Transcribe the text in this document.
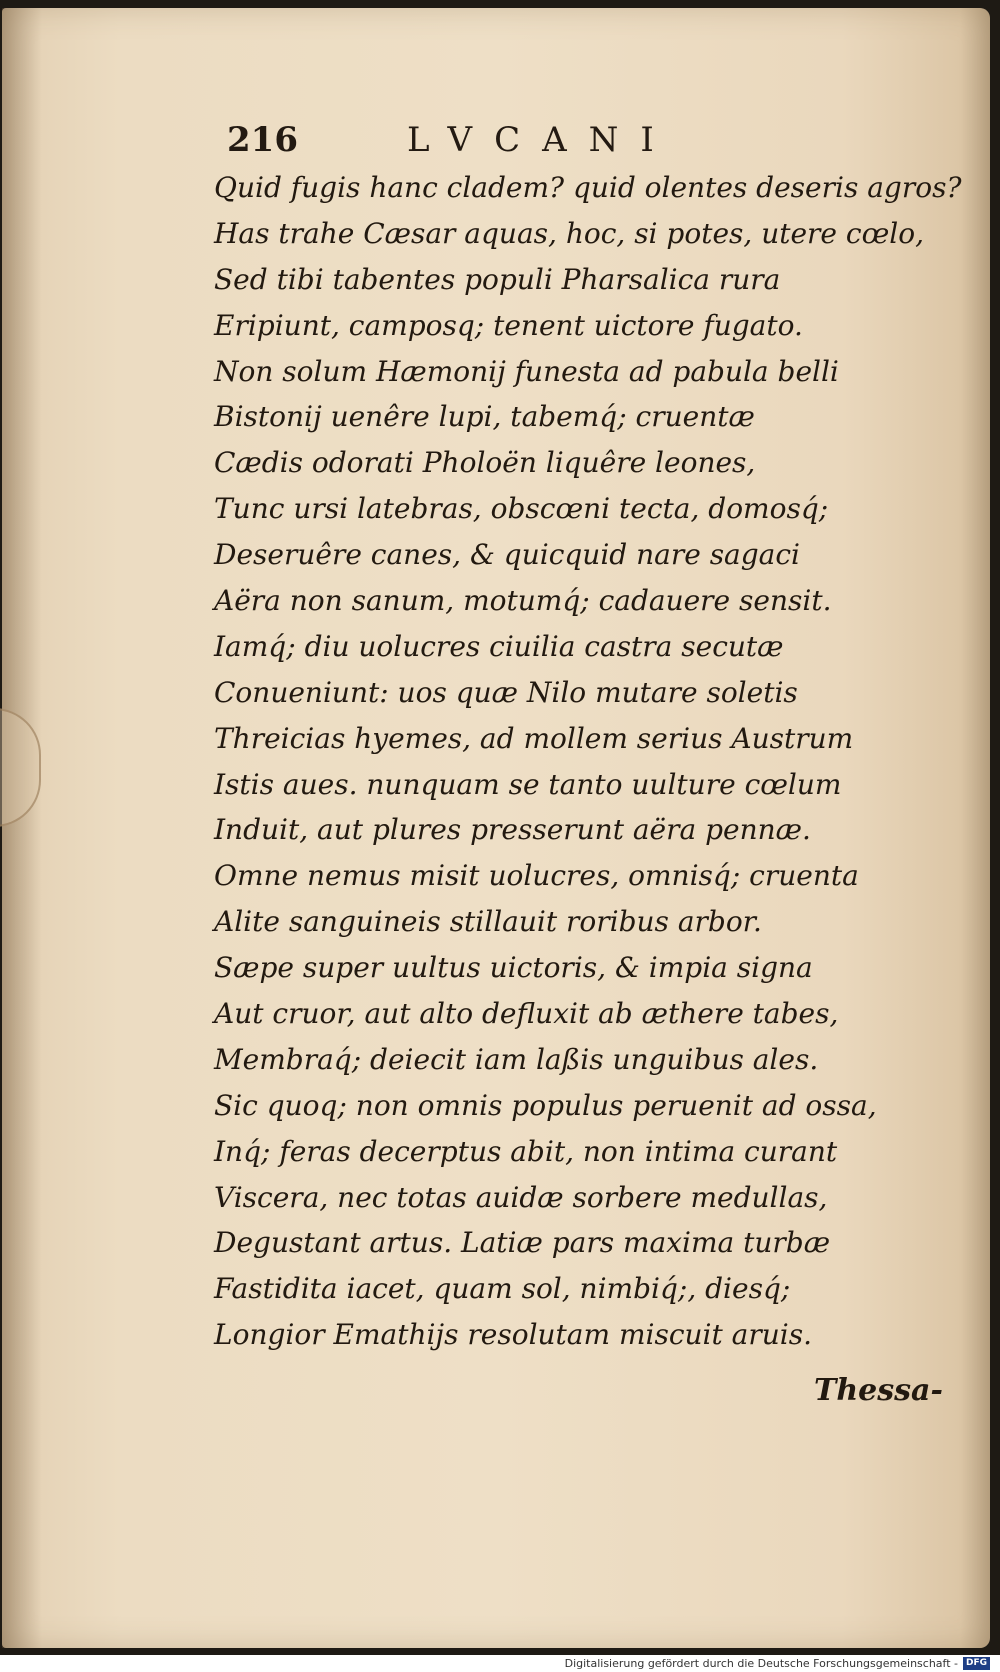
216	LVCANI
Quid fugis hanc cladem? quid olentes deseris agros?
Has trahe Cæsar aquas, hoc, si potes, utere cœlo,
Sed tibi tabentes populi Pharsalica rura
Eripiunt, camposq; tenent uictore fugato.
Non solum Hæmonij funesta ad pabula belli
Bistonij uenêre lupi, tabemq́; cruentæ
Cædis odorati Pholoën liquêre leones,
Tunc ursi latebras, obscœni tecta, domosq́;
Deseruêre canes, & quicquid nare sagaci
Aëra non sanum, motumq́; cadauere sensit.
Iamq́; diu uolucres ciuilia castra secutæ
Conueniunt: uos quæ Nilo mutare soletis
Threicias hyemes, ad mollem serius Austrum
Istis aues. nunquam se tanto uulture cœlum
Induit, aut plures presserunt aëra pennæ.
Omne nemus misit uolucres, omnisq́; cruenta
Alite sanguineis stillauit roribus arbor.
Sæpe super uultus uictoris, & impia signa
Aut cruor, aut alto defluxit ab æthere tabes,
Membraq́; deiecit iam laßis unguibus ales.
Sic quoq; non omnis populus peruenit ad ossa,
Inq́; feras decerptus abit, non intima curant
Viscera, nec totas auidæ sorbere medullas,
Degustant artus. Latiæ pars maxima turbæ
Fastidita iacet, quam sol, nimbiq́;, diesq́;
Longior Emathijs resolutam miscuit aruis.
Thessa-
Digitalisierung gefördert durch die Deutsche Forschungsgemeinschaft - DFG
